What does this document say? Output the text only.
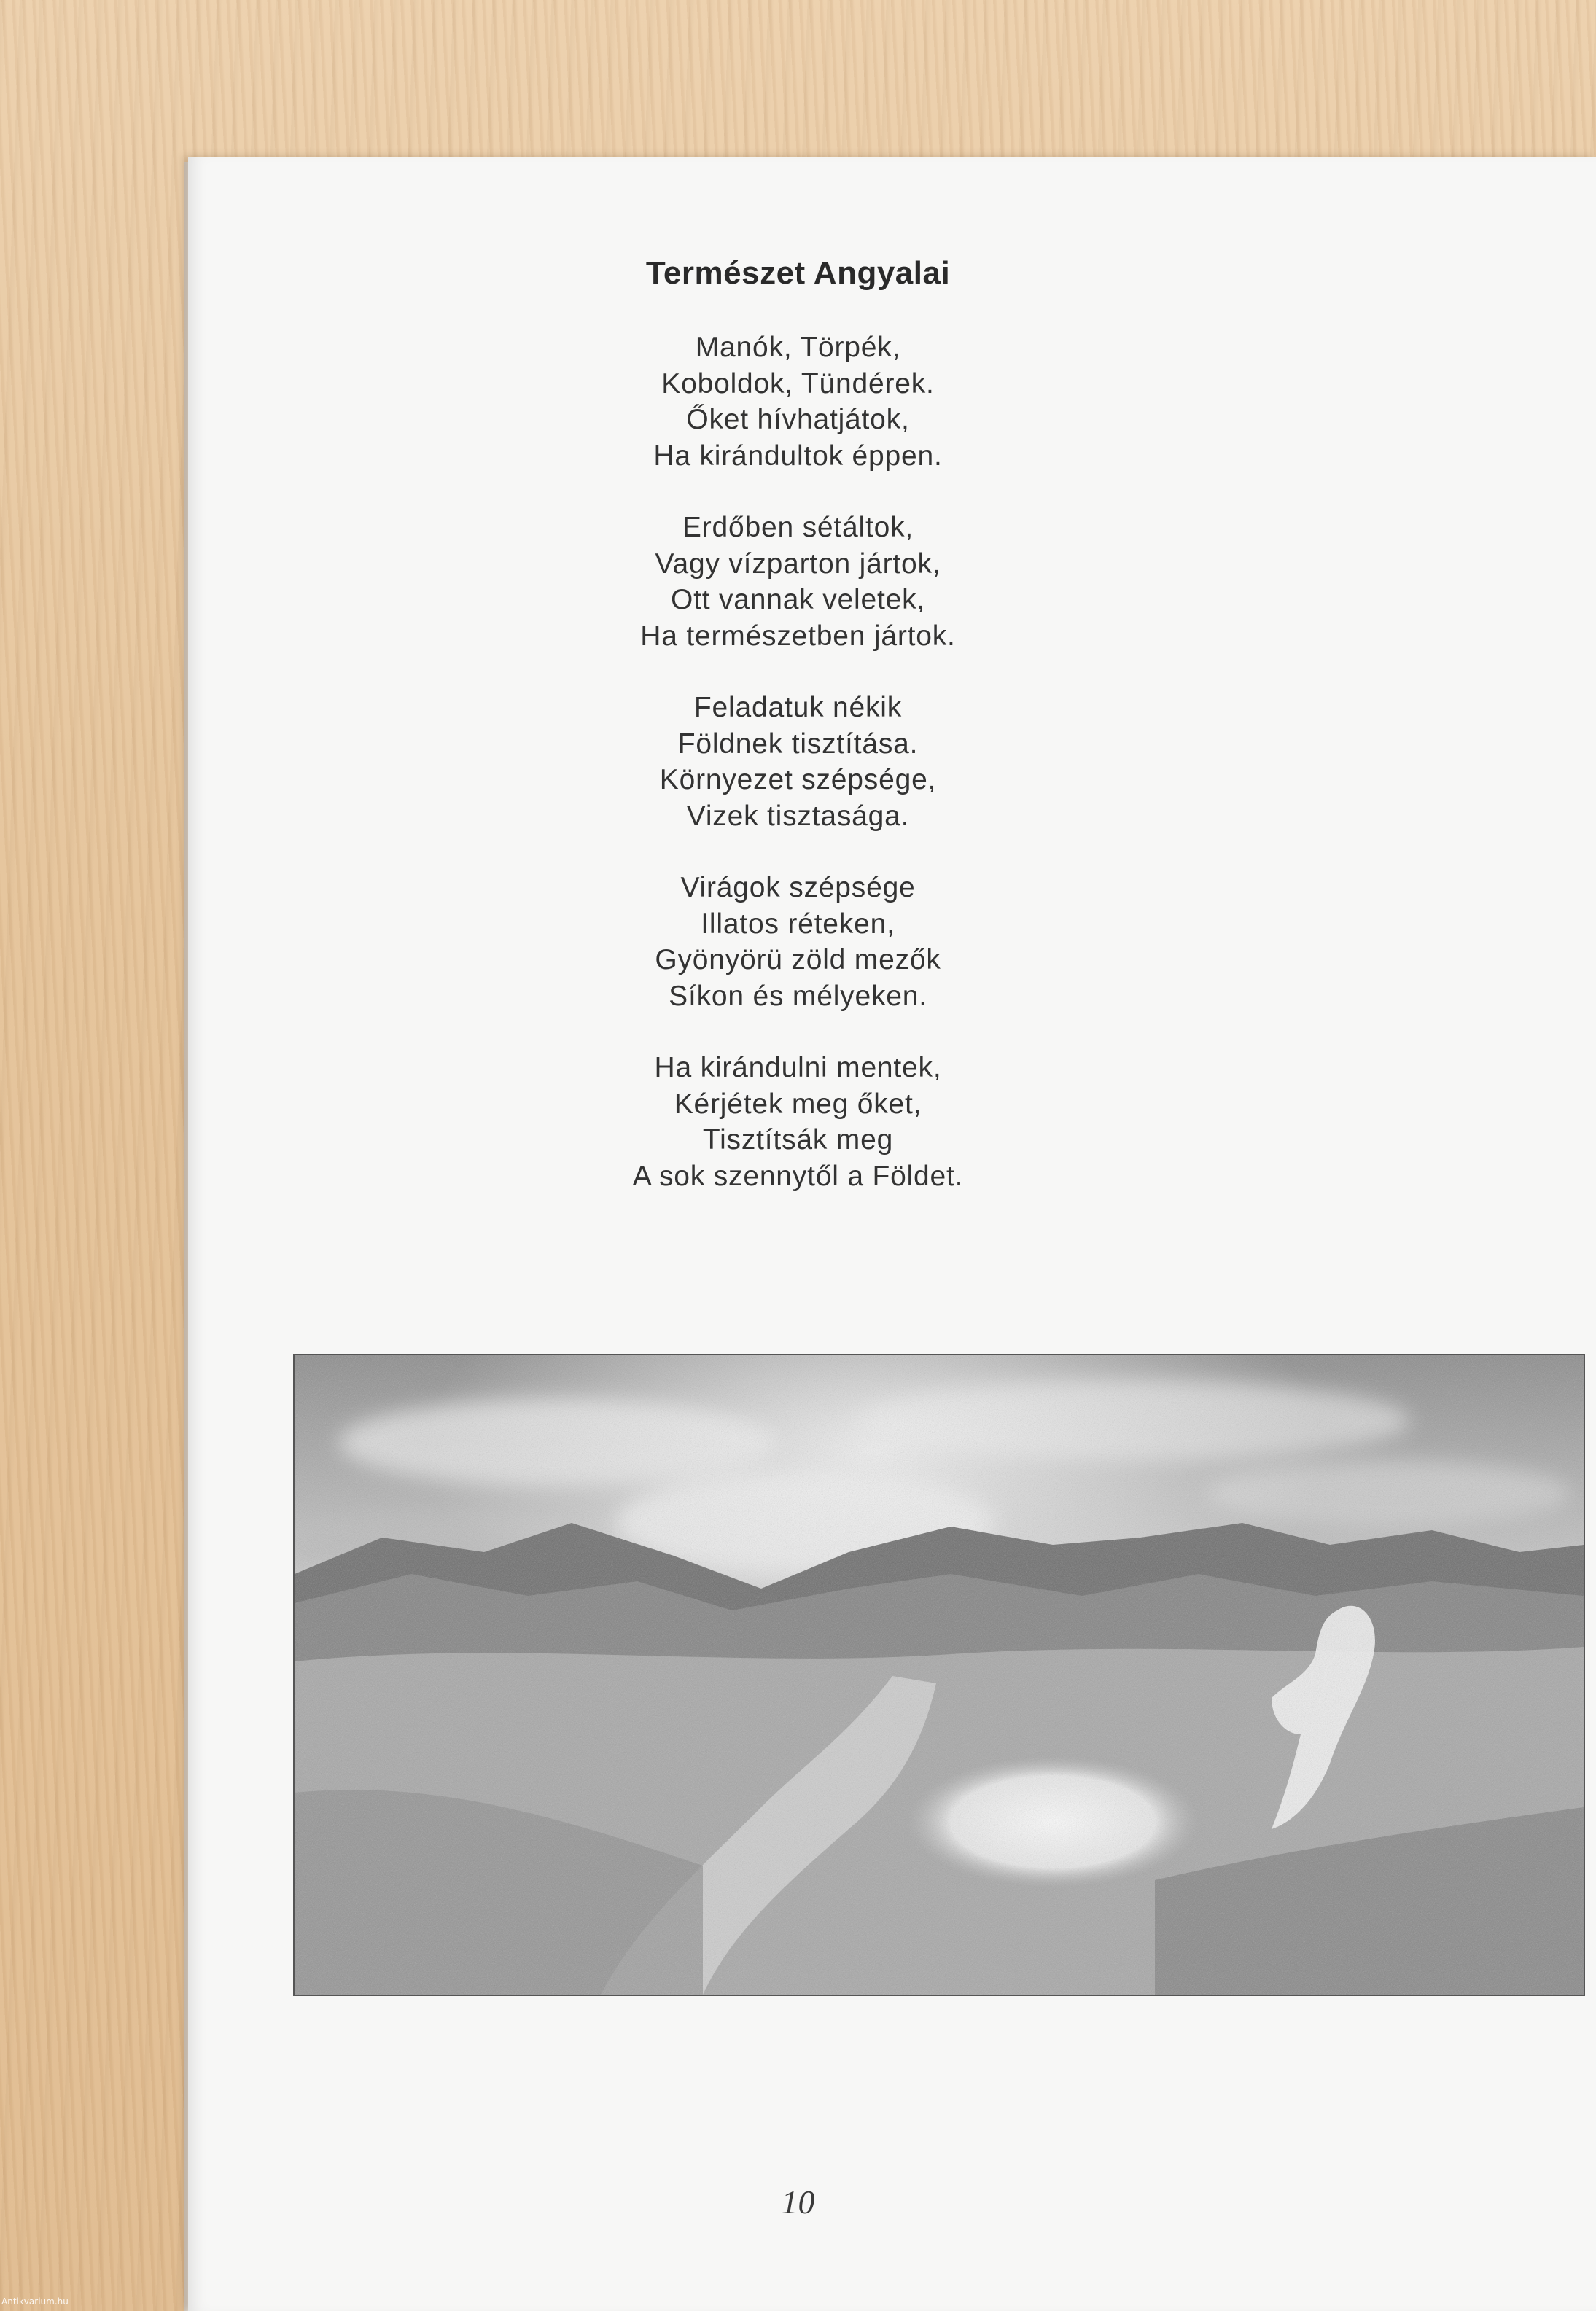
Természet Angyalai
Manók, Törpék,
Koboldok, Tündérek.
Őket hívhatjátok,
Ha kirándultok éppen.
Erdőben sétáltok,
Vagy vízparton jártok,
Ott vannak veletek,
Ha természetben jártok.
Feladatuk nékik
Földnek tisztítása.
Környezet szépsége,
Vizek tisztasága.
Virágok szépsége
Illatos réteken,
Gyönyörü zöld mezők
Síkon és mélyeken.
Ha kirándulni mentek,
Kérjétek meg őket,
Tisztítsák meg
A sok szennytől a Földet.
10
Antikvarium.hu
